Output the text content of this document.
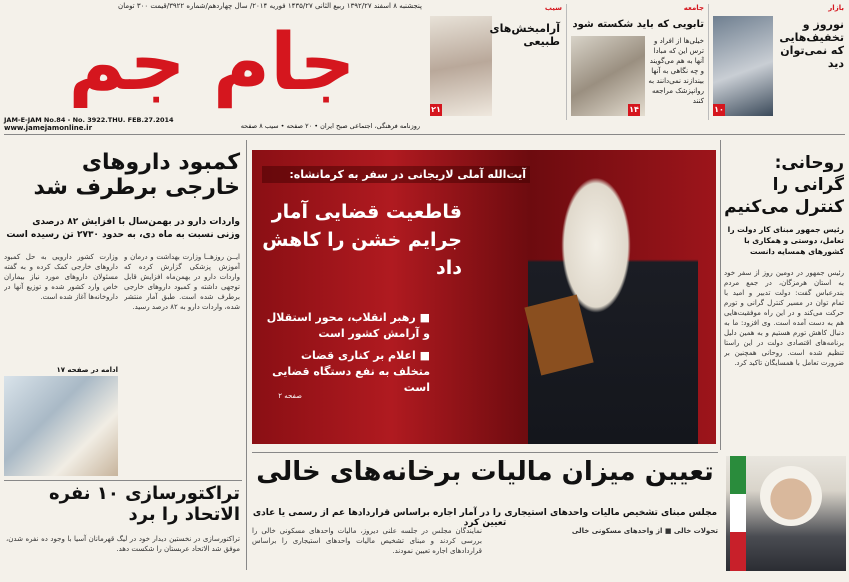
پنجشنبه ۸ اسفند ۱۳۹۲/۲۷ ربیع الثانی ۱۴۳۵/۲۷ فوریه ۲۰۱۴/ سال چهاردهم/شماره ۳۹۲۲/قیمت ۳۰۰ تومان
JAM-E-JAM No.84 - No. 3922.THU. FEB.27.2014
جام جم
www.jamejamonline.ir	روزنامه فرهنگی، اجتماعی صبح ایران • ۲۰ صفحه • سیب ۸ صفحه
بازار
نوروز و تخفیف‌هایی که نمی‌توان دید
۱۰
جامعه
تابویی که باید شکسته شود
خیلی‌ها از افراد و ترس این که مبادا آنها به هم می‌گویند و چه نگاهی به آنها بیندازند نمی‌دانند به روانپزشک مراجعه کنند
۱۴
سیب
آرامبخش‌های طبیعی
۲۱
کمبود داروهای خارجی برطرف شد
واردات دارو در بهمن‌سال با افزایش ۸۲ درصدی وزنی نسبت به ماه دی، به حدود ۲۷۳۰ تن رسیده است
وزارت کشور دارویی به حل کمبود داروهای خارجی کمک کرده و به گفته مسئولان داروهای مورد نیاز بیماران خاص وارد کشور شده و توزیع آنها در داروخانه‌ها آغاز شده است.
ایــن روزهــا وزارت بهداشت و درمان و آموزش پزشکی گزارش کرده که واردات دارو در بهمن‌ماه افزایش قابل توجهی داشته و کمبود داروهای خارجی برطرف شده است. طبق آمار منتشر شده، واردات دارو به ۸۲ درصد رسید.
ادامه در صفحه ۱۷
تراکتورسازی ۱۰ نفره الاتحاد را برد
تراکتورسازی در نخستین دیدار خود در لیگ قهرمانان آسیا با وجود ده نفره شدن، موفق شد الاتحاد عربستان را شکست دهد.
آیت‌الله آملی لاریجانی در سفر به کرمانشاه:
قاطعیت قضایی آمار جرایم خشن را کاهش داد
■ رهبر انقلاب، محور استقلال و آرامش کشور است
■ اعلام بر کناری قضات متخلف به نفع دستگاه قضایی است
صفحه ۲
تعیین میزان مالیات برخانه‌های خالی
مجلس مبنای تشخیص مالیات واحدهای استیجاری را در آمار اجاره براساس قراردادها عم از رسمی یا عادی تعیین کرد
نمایندگان مجلس در جلسه علنی دیروز، مالیات واحدهای مسکونی خالی را بررسی کردند و مبنای تشخیص مالیات واحدهای استیجاری را براساس قراردادهای اجاره تعیین نمودند.
تحولات خالی ■ از واحدهای مسکونی خالی
روحانی: گرانی را کنترل می‌کنیم
رئیس جمهور مبنای کار دولت را تعامل، دوستی و همکاری با کشورهای همسایه دانست
رئیس جمهور در دومین روز از سفر خود به استان هرمزگان، در جمع مردم بندرعباس گفت: دولت تدبیر و امید با تمام توان در مسیر کنترل گرانی و تورم حرکت می‌کند و در این راه موفقیت‌هایی هم به دست آمده است. وی افزود: ما به دنبال کاهش تورم هستیم و به همین دلیل برنامه‌های اقتصادی دولت در این راستا تنظیم شده است. روحانی همچنین بر ضرورت تعامل با همسایگان تاکید کرد.
